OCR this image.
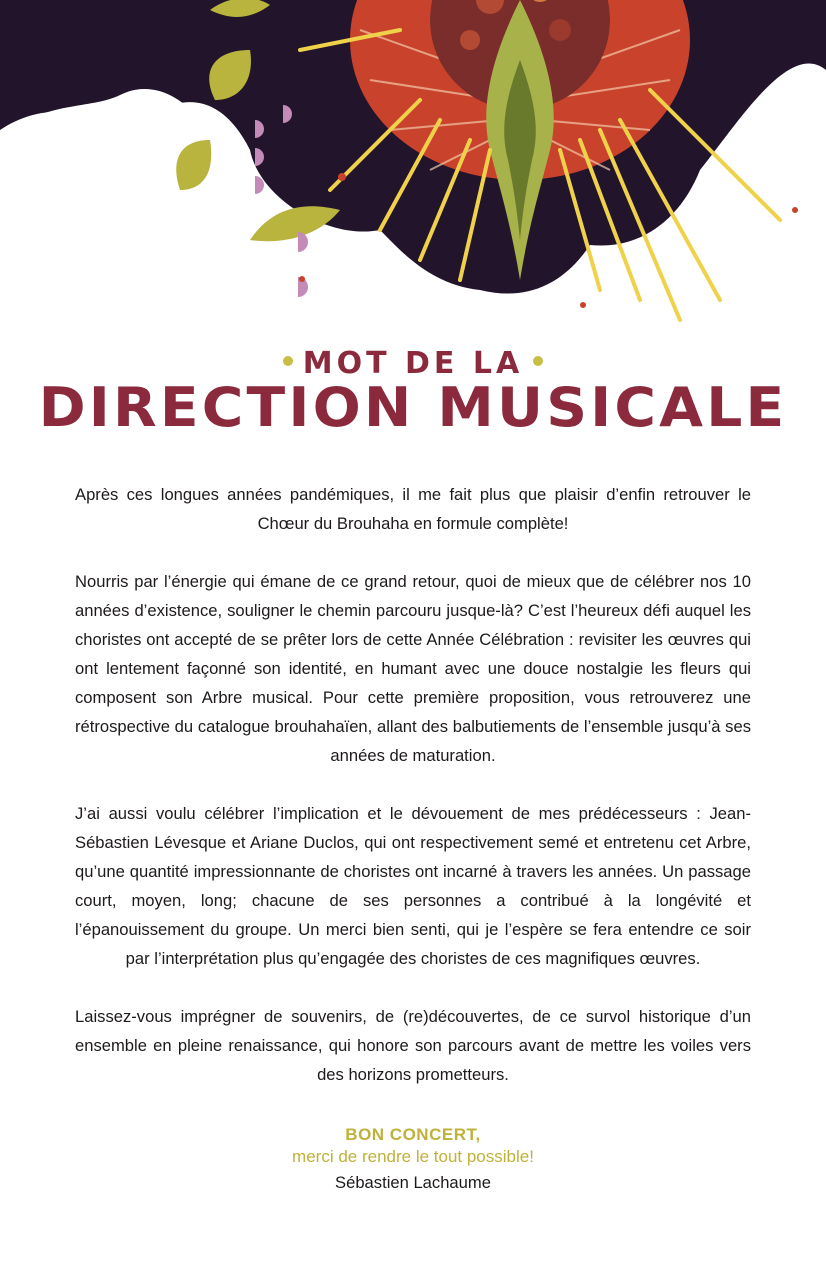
MOT DE LA
DIRECTION MUSICALE

Après ces longues années pandémiques, il me fait plus que plaisir d’enfin retrouver le Chœur du Brouhaha en formule complète!

Nourris par l’énergie qui émane de ce grand retour, quoi de mieux que de célébrer nos 10 années d’existence, souligner le chemin parcouru jusque-là? C’est l’heureux défi auquel les choristes ont accepté de se prêter lors de cette Année Célébration : revisiter les œuvres qui ont lentement façonné son identité, en humant avec une douce nostalgie les fleurs qui composent son Arbre musical. Pour cette première proposition, vous retrouverez une rétrospective du catalogue brouhahaïen, allant des balbutiements de l’ensemble jusqu’à ses années de maturation.

J’ai aussi voulu célébrer l’implication et le dévouement de mes prédécesseurs : Jean-Sébastien Lévesque et Ariane Duclos, qui ont respectivement semé et entretenu cet Arbre, qu’une quantité impressionnante de choristes ont incarné à travers les années. Un passage court, moyen, long; chacune de ses personnes a contribué à la longévité et l’épanouissement du groupe. Un merci bien senti, qui je l’espère se fera entendre ce soir par l’interprétation plus qu’engagée des choristes de ces magnifiques œuvres.

Laissez-vous imprégner de souvenirs, de (re)découvertes, de ce survol historique d’un ensemble en pleine renaissance, qui honore son parcours avant de mettre les voiles vers des horizons prometteurs.

BON CONCERT,
merci de rendre le tout possible!
Sébastien Lachaume
